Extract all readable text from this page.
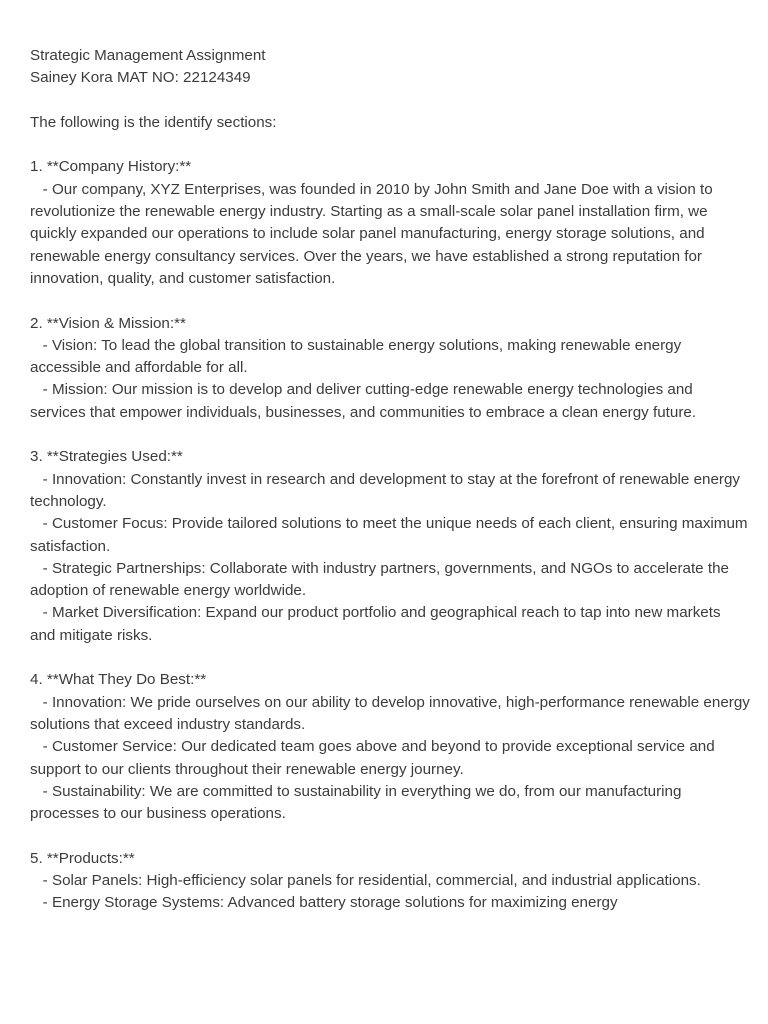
Strategic Management Assignment
Sainey Kora MAT NO: 22124349
The following is the identify sections:
1. **Company History:**
- Our company, XYZ Enterprises, was founded in 2010 by John Smith and Jane Doe with a vision to revolutionize the renewable energy industry. Starting as a small-scale solar panel installation firm, we quickly expanded our operations to include solar panel manufacturing, energy storage solutions, and renewable energy consultancy services. Over the years, we have established a strong reputation for innovation, quality, and customer satisfaction.
2. **Vision & Mission:**
- Vision: To lead the global transition to sustainable energy solutions, making renewable energy accessible and affordable for all.
- Mission: Our mission is to develop and deliver cutting-edge renewable energy technologies and services that empower individuals, businesses, and communities to embrace a clean energy future.
3. **Strategies Used:**
- Innovation: Constantly invest in research and development to stay at the forefront of renewable energy technology.
- Customer Focus: Provide tailored solutions to meet the unique needs of each client, ensuring maximum satisfaction.
- Strategic Partnerships: Collaborate with industry partners, governments, and NGOs to accelerate the adoption of renewable energy worldwide.
- Market Diversification: Expand our product portfolio and geographical reach to tap into new markets and mitigate risks.
4. **What They Do Best:**
- Innovation: We pride ourselves on our ability to develop innovative, high-performance renewable energy solutions that exceed industry standards.
- Customer Service: Our dedicated team goes above and beyond to provide exceptional service and support to our clients throughout their renewable energy journey.
- Sustainability: We are committed to sustainability in everything we do, from our manufacturing processes to our business operations.
5. **Products:**
- Solar Panels: High-efficiency solar panels for residential, commercial, and industrial applications.
- Energy Storage Systems: Advanced battery storage solutions for maximizing energy
